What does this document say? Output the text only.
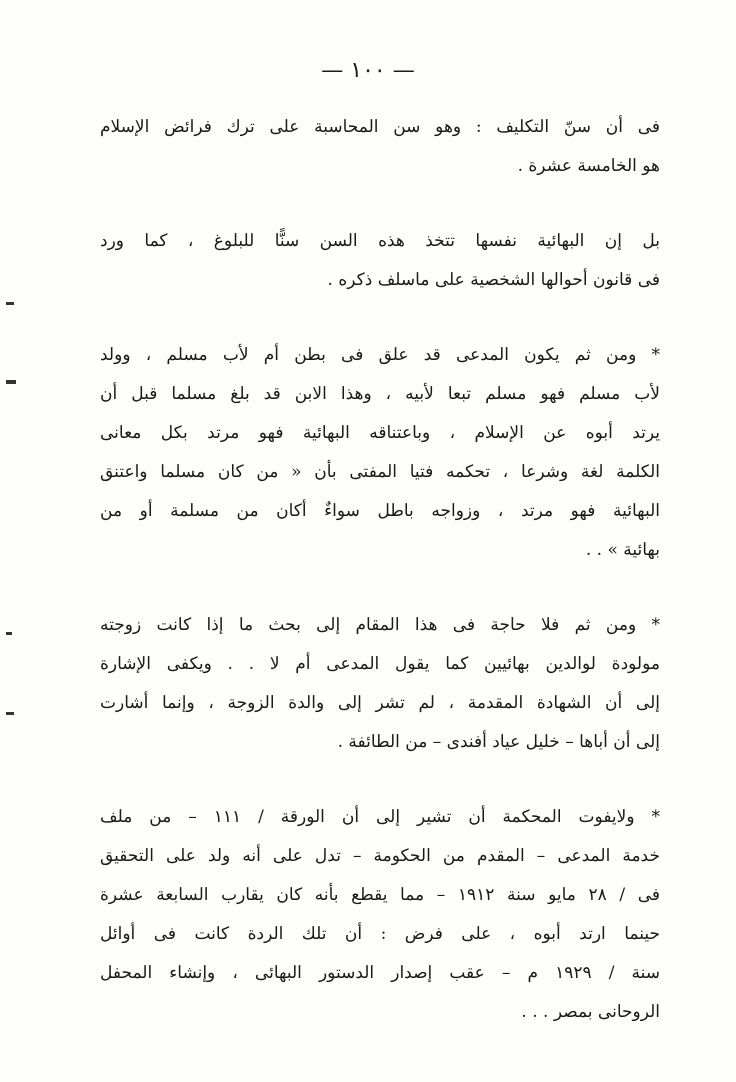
— ١٠٠ —

فى أن سنّ التكليف : وهو سن المحاسبة على ترك فرائض الإسلام
هو الخامسة عشرة .

بل إن البهائية نفسها تتخذ هذه السن سنًّا للبلوغ ، كما ورد
فى قانون أحوالها الشخصية على ماسلف ذكره .

* ومن ثم يكون المدعى قد علق فى بطن أم لأب مسلم ، وولد
لأب مسلم فهو مسلم تبعا لأبيه ، وهذا الابن قد بلغ مسلما قبل أن
يرتد أبوه عن الإسلام ، وباعتناقه البهائية فهو مرتد بكل معانى
الكلمة لغة وشرعا ، تحكمه فتيا المفتى بأن « من كان مسلما واعتنق
البهائية فهو مرتد ، وزواجه باطل سواءٌ أكان من مسلمة أو من
بهائية » . .

* ومن ثم فلا حاجة فى هذا المقام إلى بحث ما إذا كانت زوجته
مولودة لوالدين بهائيين كما يقول المدعى أم لا . . ويكفى الإشارة
إلى أن الشهادة المقدمة ، لم تشر إلى والدة الزوجة ، وإنما أشارت
إلى أن أباها – خليل عياد أفندى – من الطائفة .

* ولايفوت المحكمة أن تشير إلى أن الورقة / ١١١ – من ملف
خدمة المدعى – المقدم من الحكومة – تدل على أنه ولد على التحقيق
فى / ٢٨ مايو سنة ١٩١٢ – مما يقطع بأنه كان يقارب السابعة عشرة
حينما ارتد أبوه ، على فرض : أن تلك الردة كانت فى أوائل
سنة / ١٩٢٩ م – عقب إصدار الدستور البهائى ، وإنشاء المحفل
الروحانى بمصر . . .
